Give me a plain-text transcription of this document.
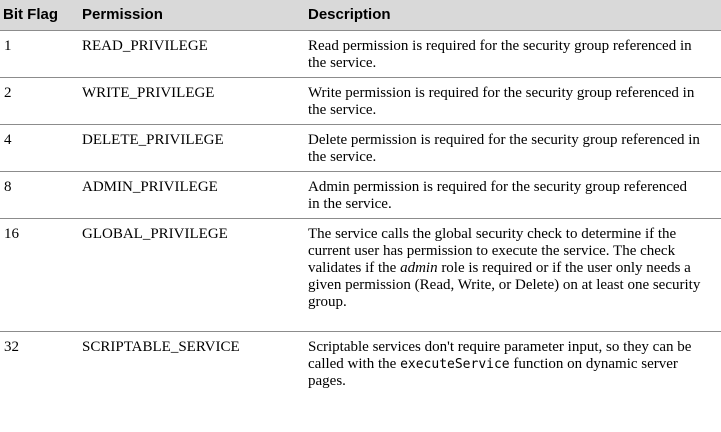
Bit Flag	Permission	Description
1	READ_PRIVILEGE	Read permission is required for the security group referenced in the service.
2	WRITE_PRIVILEGE	Write permission is required for the security group referenced in the service.
4	DELETE_PRIVILEGE	Delete permission is required for the security group referenced in the service.
8	ADMIN_PRIVILEGE	Admin permission is required for the security group referenced in the service.
16	GLOBAL_PRIVILEGE	The service calls the global security check to determine if the current user has permission to execute the service. The check validates if the admin role is required or if the user only needs a given permission (Read, Write, or Delete) on at least one security group.
32	SCRIPTABLE_SERVICE	Scriptable services don't require parameter input, so they can be called with the executeService function on dynamic server pages.
